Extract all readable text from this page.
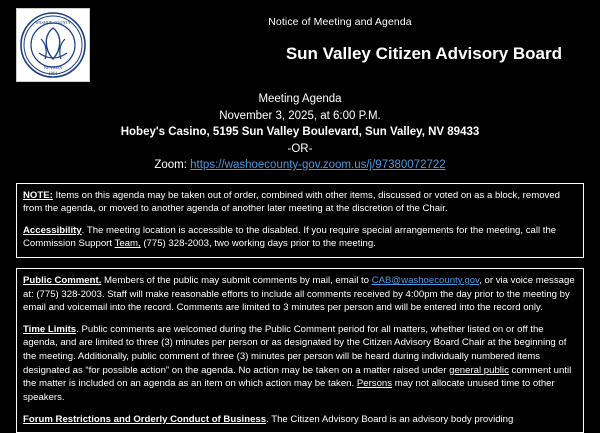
WASHOE COUNTY
NEVADA
1861
Notice of Meeting and Agenda
Sun Valley Citizen Advisory Board
Meeting Agenda
November 3, 2025, at 6:00 P.M.
Hobey's Casino, 5195 Sun Valley Boulevard, Sun Valley, NV 89433
-OR-
Zoom: https://washoecounty-gov.zoom.us/j/97380072722

NOTE: Items on this agenda may be taken out of order, combined with other items, discussed or voted on as a block, removed from the agenda, or moved to another agenda of another later meeting at the discretion of the Chair.

Accessibility. The meeting location is accessible to the disabled. If you require special arrangements for the meeting, call the Commission Support Team, (775) 328-2003, two working days prior to the meeting.

Public Comment. Members of the public may submit comments by mail, email to CAB@washoecounty.gov, or via voice message at: (775) 328-2003. Staff will make reasonable efforts to include all comments received by 4:00pm the day prior to the meeting by email and voicemail into the record. Comments are limited to 3 minutes per person and will be entered into the record only.

Time Limits. Public comments are welcomed during the Public Comment period for all matters, whether listed on or off the agenda, and are limited to three (3) minutes per person or as designated by the Citizen Advisory Board Chair at the beginning of the meeting. Additionally, public comment of three (3) minutes per person will be heard during individually numbered items designated as “for possible action” on the agenda. No action may be taken on a matter raised under general public comment until the matter is included on an agenda as an item on which action may be taken. Persons may not allocate unused time to other speakers.

Forum Restrictions and Orderly Conduct of Business. The Citizen Advisory Board is an advisory body providing
